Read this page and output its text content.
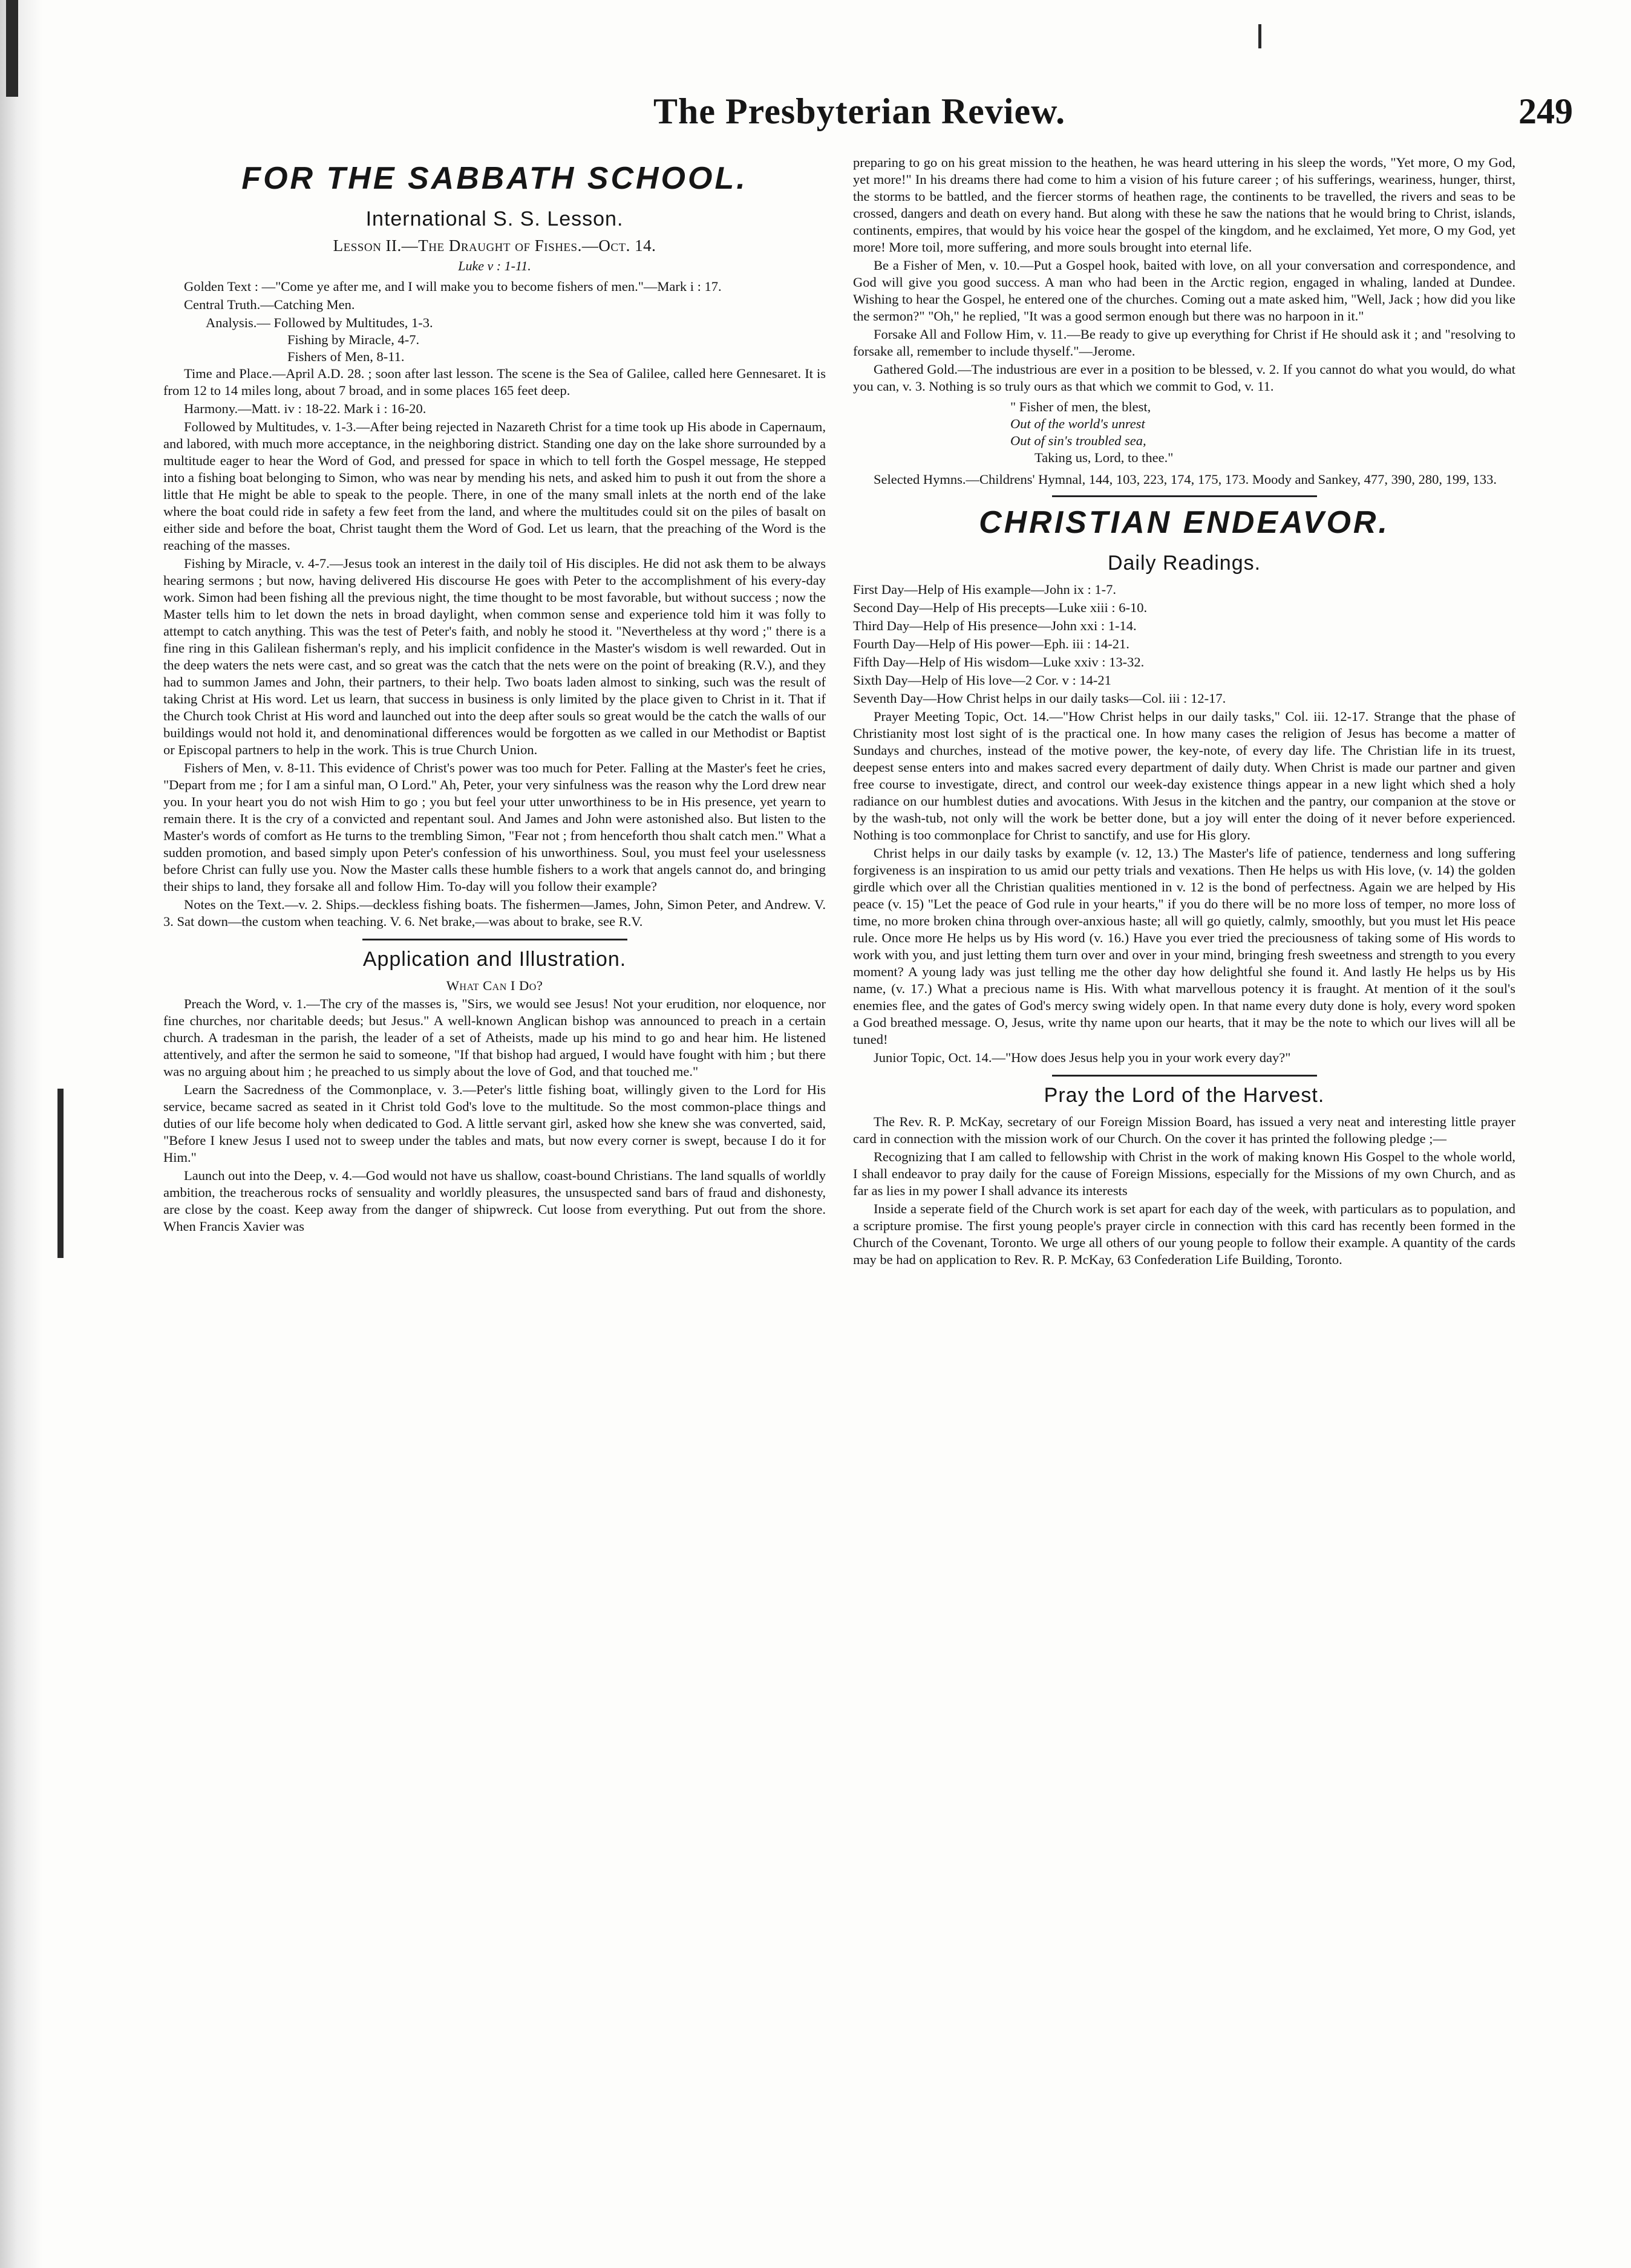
The Presbyterian Review.	249
FOR THE SABBATH SCHOOL.
International S. S. Lesson.

Lesson II.—The Draught of Fishes.—Oct. 14.

Luke v : 1-11.

Golden Text : —"Come ye after me, and I will make you to become fishers of men."—Mark i : 17.

Central Truth.—Catching Men.

Analysis.— Followed by Multitudes, 1-3.
Fishing by Miracle, 4-7.
Fishers of Men, 8-11.

Time and Place.—April A.D. 28. ; soon after last lesson. The scene is the Sea of Galilee, called here Gennesaret. It is from 12 to 14 miles long, about 7 broad, and in some places 165 feet deep.

Harmony.—Matt. iv : 18-22. Mark i : 16-20.

Followed by Multitudes, v. 1-3.—After being rejected in Nazareth Christ for a time took up His abode in Capernaum, and labored, with much more acceptance, in the neighboring district. Standing one day on the lake shore surrounded by a multitude eager to hear the Word of God, and pressed for space in which to tell forth the Gospel message, He stepped into a fishing boat belonging to Simon, who was near by mending his nets, and asked him to push it out from the shore a little that He might be able to speak to the people. There, in one of the many small inlets at the north end of the lake where the boat could ride in safety a few feet from the land, and where the multitudes could sit on the piles of basalt on either side and before the boat, Christ taught them the Word of God. Let us learn, that the preaching of the Word is the reaching of the masses.

Fishing by Miracle, v. 4-7.—Jesus took an interest in the daily toil of His disciples. He did not ask them to be always hearing sermons ; but now, having delivered His discourse He goes with Peter to the accomplishment of his every-day work. Simon had been fishing all the previous night, the time thought to be most favorable, but without success ; now the Master tells him to let down the nets in broad daylight, when common sense and experience told him it was folly to attempt to catch anything. This was the test of Peter's faith, and nobly he stood it. "Nevertheless at thy word ;" there is a fine ring in this Galilean fisherman's reply, and his implicit confidence in the Master's wisdom is well rewarded. Out in the deep waters the nets were cast, and so great was the catch that the nets were on the point of breaking (R.V.), and they had to summon James and John, their partners, to their help. Two boats laden almost to sinking, such was the result of taking Christ at His word. Let us learn, that success in business is only limited by the place given to Christ in it. That if the Church took Christ at His word and launched out into the deep after souls so great would be the catch the walls of our buildings would not hold it, and denominational differences would be forgotten as we called in our Methodist or Baptist or Episcopal partners to help in the work. This is true Church Union.

Fishers of Men, v. 8-11. This evidence of Christ's power was too much for Peter. Falling at the Master's feet he cries, "Depart from me ; for I am a sinful man, O Lord." Ah, Peter, your very sinfulness was the reason why the Lord drew near you. In your heart you do not wish Him to go ; you but feel your utter unworthiness to be in His presence, yet yearn to remain there. It is the cry of a convicted and repentant soul. And James and John were astonished also. But listen to the Master's words of comfort as He turns to the trembling Simon, "Fear not ; from henceforth thou shalt catch men." What a sudden promotion, and based simply upon Peter's confession of his unworthiness. Soul, you must feel your uselessness before Christ can fully use you. Now the Master calls these humble fishers to a work that angels cannot do, and bringing their ships to land, they forsake all and follow Him. To-day will you follow their example?

Notes on the Text.—v. 2. Ships.—deckless fishing boats. The fishermen—James, John, Simon Peter, and Andrew. V. 3. Sat down—the custom when teaching. V. 6. Net brake,—was about to brake, see R.V.

Application and Illustration.

What Can I Do?

Preach the Word, v. 1.—The cry of the masses is, "Sirs, we would see Jesus! Not your erudition, nor eloquence, nor fine churches, nor charitable deeds; but Jesus." A well-known Anglican bishop was announced to preach in a certain church. A tradesman in the parish, the leader of a set of Atheists, made up his mind to go and hear him. He listened attentively, and after the sermon he said to someone, "If that bishop had argued, I would have fought with him ; but there was no arguing about him ; he preached to us simply about the love of God, and that touched me."

Learn the Sacredness of the Commonplace, v. 3.—Peter's little fishing boat, willingly given to the Lord for His service, became sacred as seated in it Christ told God's love to the multitude. So the most common-place things and duties of our life become holy when dedicated to God. A little servant girl, asked how she knew she was converted, said, "Before I knew Jesus I used not to sweep under the tables and mats, but now every corner is swept, because I do it for Him."

Launch out into the Deep, v. 4.—God would not have us shallow, coast-bound Christians. The land squalls of worldly ambition, the treacherous rocks of sensuality and worldly pleasures, the unsuspected sand bars of fraud and dishonesty, are close by the coast. Keep away from the danger of shipwreck. Cut loose from everything. Put out from the shore. When Francis Xavier was

preparing to go on his great mission to the heathen, he was heard uttering in his sleep the words, "Yet more, O my God, yet more!" In his dreams there had come to him a vision of his future career ; of his sufferings, weariness, hunger, thirst, the storms to be battled, and the fiercer storms of heathen rage, the continents to be travelled, the rivers and seas to be crossed, dangers and death on every hand. But along with these he saw the nations that he would bring to Christ, islands, continents, empires, that would by his voice hear the gospel of the kingdom, and he exclaimed, Yet more, O my God, yet more! More toil, more suffering, and more souls brought into eternal life.

Be a Fisher of Men, v. 10.—Put a Gospel hook, baited with love, on all your conversation and correspondence, and God will give you good success. A man who had been in the Arctic region, engaged in whaling, landed at Dundee. Wishing to hear the Gospel, he entered one of the churches. Coming out a mate asked him, "Well, Jack ; how did you like the sermon?" "Oh," he replied, "It was a good sermon enough but there was no harpoon in it."

Forsake All and Follow Him, v. 11.—Be ready to give up everything for Christ if He should ask it ; and "resolving to forsake all, remember to include thyself."—Jerome.

Gathered Gold.—The industrious are ever in a position to be blessed, v. 2. If you cannot do what you would, do what you can, v. 3. Nothing is so truly ours as that which we commit to God, v. 11.

" Fisher of men, the blest,
Out of the world's unrest
Out of sin's troubled sea,
Taking us, Lord, to thee."

Selected Hymns.—Childrens' Hymnal, 144, 103, 223, 174, 175, 173. Moody and Sankey, 477, 390, 280, 199, 133.

CHRISTIAN ENDEAVOR.
Daily Readings.

First Day—Help of His example—John ix : 1-7.

Second Day—Help of His precepts—Luke xiii : 6-10.

Third Day—Help of His presence—John xxi : 1-14.

Fourth Day—Help of His power—Eph. iii : 14-21.

Fifth Day—Help of His wisdom—Luke xxiv : 13-32.

Sixth Day—Help of His love—2 Cor. v : 14-21

Seventh Day—How Christ helps in our daily tasks—Col. iii : 12-17.

Prayer Meeting Topic, Oct. 14.—"How Christ helps in our daily tasks," Col. iii. 12-17. Strange that the phase of Christianity most lost sight of is the practical one. In how many cases the religion of Jesus has become a matter of Sundays and churches, instead of the motive power, the key-note, of every day life. The Christian life in its truest, deepest sense enters into and makes sacred every department of daily duty. When Christ is made our partner and given free course to investigate, direct, and control our week-day existence things appear in a new light which shed a holy radiance on our humblest duties and avocations. With Jesus in the kitchen and the pantry, our companion at the stove or by the wash-tub, not only will the work be better done, but a joy will enter the doing of it never before experienced. Nothing is too commonplace for Christ to sanctify, and use for His glory.

Christ helps in our daily tasks by example (v. 12, 13.) The Master's life of patience, tenderness and long suffering forgiveness is an inspiration to us amid our petty trials and vexations. Then He helps us with His love, (v. 14) the golden girdle which over all the Christian qualities mentioned in v. 12 is the bond of perfectness. Again we are helped by His peace (v. 15) "Let the peace of God rule in your hearts," if you do there will be no more loss of temper, no more loss of time, no more broken china through over-anxious haste; all will go quietly, calmly, smoothly, but you must let His peace rule. Once more He helps us by His word (v. 16.) Have you ever tried the preciousness of taking some of His words to work with you, and just letting them turn over and over in your mind, bringing fresh sweetness and strength to you every moment? A young lady was just telling me the other day how delightful she found it. And lastly He helps us by His name, (v. 17.) What a precious name is His. With what marvellous potency it is fraught. At mention of it the soul's enemies flee, and the gates of God's mercy swing widely open. In that name every duty done is holy, every word spoken a God breathed message. O, Jesus, write thy name upon our hearts, that it may be the note to which our lives will all be tuned!

Junior Topic, Oct. 14.—"How does Jesus help you in your work every day?"

Pray the Lord of the Harvest.

The Rev. R. P. McKay, secretary of our Foreign Mission Board, has issued a very neat and interesting little prayer card in connection with the mission work of our Church. On the cover it has printed the following pledge ;—

Recognizing that I am called to fellowship with Christ in the work of making known His Gospel to the whole world, I shall endeavor to pray daily for the cause of Foreign Missions, especially for the Missions of my own Church, and as far as lies in my power I shall advance its interests

Inside a seperate field of the Church work is set apart for each day of the week, with particulars as to population, and a scripture promise. The first young people's prayer circle in connection with this card has recently been formed in the Church of the Covenant, Toronto. We urge all others of our young people to follow their example. A quantity of the cards may be had on application to Rev. R. P. McKay, 63 Confederation Life Building, Toronto.
